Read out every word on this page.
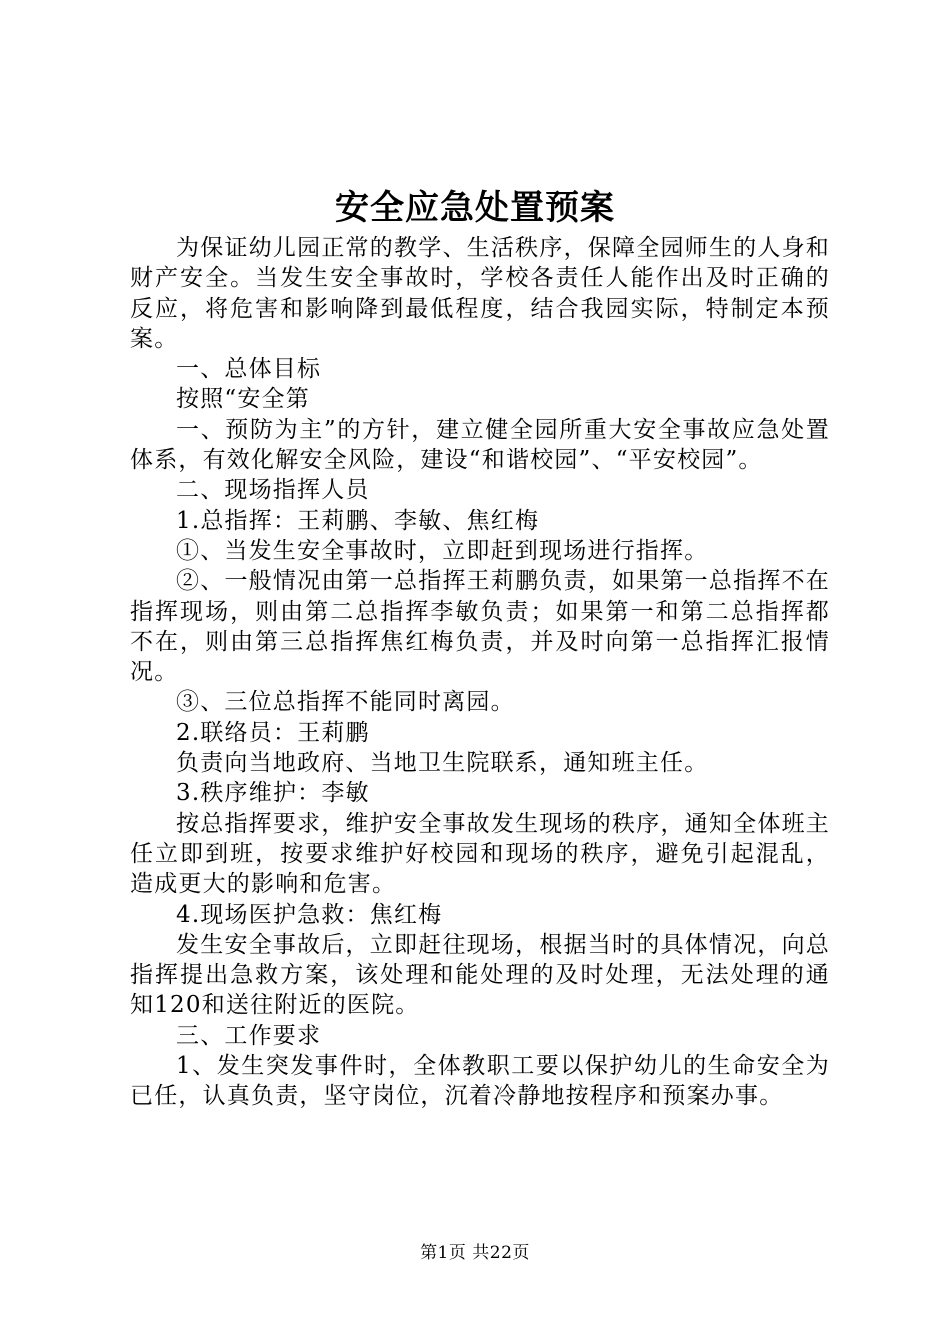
安全应急处置预案

为保证幼儿园正常的教学、生活秩序，保障全园师生的人身和财产安全。当发生安全事故时，学校各责任人能作出及时正确的反应，将危害和影响降到最低程度，结合我园实际，特制定本预案。

一、总体目标

按照“安全第

一、预防为主”的方针，建立健全园所重大安全事故应急处置体系，有效化解安全风险，建设“和谐校园”、“平安校园”。

二、现场指挥人员

1.总指挥：王莉鹏、李敏、焦红梅

①、当发生安全事故时，立即赶到现场进行指挥。

②、一般情况由第一总指挥王莉鹏负责，如果第一总指挥不在指挥现场，则由第二总指挥李敏负责；如果第一和第二总指挥都不在，则由第三总指挥焦红梅负责，并及时向第一总指挥汇报情况。

③、三位总指挥不能同时离园。

2.联络员：王莉鹏

负责向当地政府、当地卫生院联系，通知班主任。

3.秩序维护：李敏

按总指挥要求，维护安全事故发生现场的秩序，通知全体班主任立即到班，按要求维护好校园和现场的秩序，避免引起混乱，造成更大的影响和危害。

4.现场医护急救：焦红梅

发生安全事故后，立即赶往现场，根据当时的具体情况，向总指挥提出急救方案，该处理和能处理的及时处理，无法处理的通知120和送往附近的医院。

三、工作要求

1、发生突发事件时，全体教职工要以保护幼儿的生命安全为已任，认真负责，坚守岗位，沉着冷静地按程序和预案办事。

第1页 共22页
